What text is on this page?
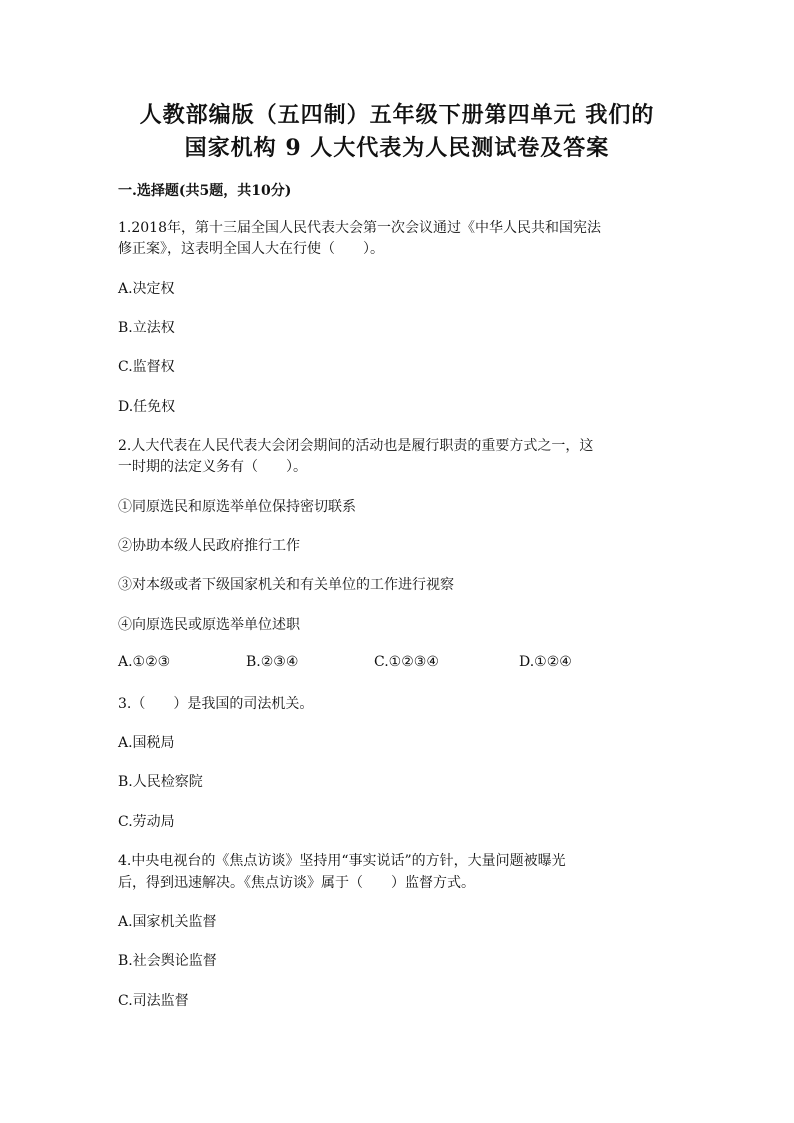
人教部编版（五四制）五年级下册第四单元 我们的
国家机构 9 人大代表为人民测试卷及答案
一.选择题(共5题，共10分)
1.2018年，第十三届全国人民代表大会第一次会议通过《中华人民共和国宪法
修正案》，这表明全国人大在行使（　　）。
A.决定权
B.立法权
C.监督权
D.任免权
2.人大代表在人民代表大会闭会期间的活动也是履行职责的重要方式之一，这
一时期的法定义务有（　　）。
①同原选民和原选举单位保持密切联系
②协助本级人民政府推行工作
③对本级或者下级国家机关和有关单位的工作进行视察
④向原选民或原选举单位述职
A.①②③	B.②③④	C.①②③④	D.①②④
3.（　　）是我国的司法机关。
A.国税局
B.人民检察院
C.劳动局
4.中央电视台的《焦点访谈》坚持用“事实说话”的方针，大量问题被曝光
后，得到迅速解决。《焦点访谈》属于（　　）监督方式。
A.国家机关监督
B.社会舆论监督
C.司法监督
